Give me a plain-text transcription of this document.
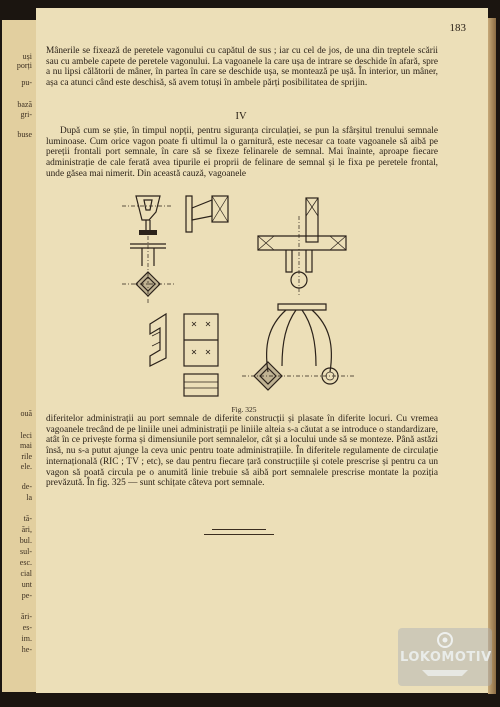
uși
porți
pu-
bază
gri-
buse
ouă
leci
mai
rile
ele.
de-
la
tă-
ări,
bul.
sul-
esc.
cial
unt
pe-
ări-
es-
im.
he-
183

Mânerile se fixează de peretele vagonului cu capătul de sus ; iar cu cel de jos, de una din treptele scării sau cu ambele capete de peretele vagonului. La vagoanele la care ușa de intrare se deschide în afară, spre a nu lipsi călătorii de mâner, în partea în care se deschide ușa, se montează pe ușă. În interior, un mâner, așa ca atunci când este deschisă, să avem totuși în ambele părți posibilitatea de sprijin.

IV

După cum se știe, în timpul nopții, pentru siguranța circulației, se pun la sfârșitul trenului semnale luminoase. Cum orice vagon poate fi ultimul la o garnitură, este necesar ca toate vagoanele să aibă pe pereții frontali port semnale, în care să se fixeze felinarele de semnal. Mai înainte, aproape fiecare administrație de cale ferată avea tipurile ei proprii de felinare de semnal și le fixa pe peretele frontal, unde găsea mai nimerit. Din această cauză, vagoanele

Fig. 325

diferitelor administrații au port semnale de diferite construcții și plasate în diferite locuri. Cu vremea vagoanele trecând de pe liniile unei administrații pe liniile alteia s-a căutat a se introduce o standardizare, atât în ce privește forma și dimensiunile port semnalelor, cât și a locului unde să se monteze. Până astăzi însă, nu s-a putut ajunge la ceva unic pentru toate administrațiile. În diferitele regulamente de circulație internațională (RIC ; TV ; etc), se dau pentru fiecare țară construcțiile și cotele prescrise și pentru ca un vagon să poată circula pe o anumită linie trebuie să aibă port semnalele prescrise montate la poziția prevăzută. În fig. 325 — sunt schițate câteva port semnale.

LOKOMOTIV
